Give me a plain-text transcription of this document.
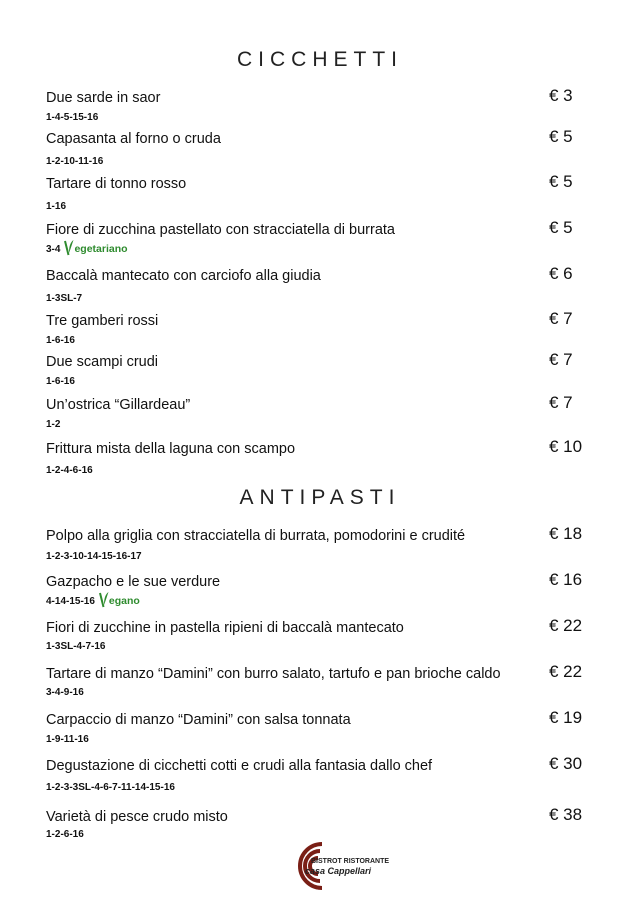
CICCHETTI
Due sarde in saor
1-4-5-15-16
€ 3
Capasanta al forno o cruda
1-2-10-11-16
€ 5
Tartare di tonno rosso
1-16
€ 5
Fiore di zucchina pastellato con stracciatella di burrata
3-4 egetariano
€ 5
Baccalà mantecato con carciofo alla giudia
1-3SL-7
€ 6
Tre gamberi rossi
1-6-16
€ 7
Due scampi crudi
1-6-16
€ 7
Un’ostrica “Gillardeau”
1-2
€ 7
Frittura mista della laguna con scampo
1-2-4-6-16
€ 10
ANTIPASTI
Polpo alla griglia con stracciatella di burrata, pomodorini e crudité
1-2-3-10-14-15-16-17
€ 18
Gazpacho e le sue verdure
4-14-15-16 egano
€ 16
Fiori di zucchine in pastella ripieni di baccalà mantecato
1-3SL-4-7-16
€ 22
Tartare di manzo “Damini” con burro salato, tartufo e pan brioche caldo
3-4-9-16
€ 22
Carpaccio di manzo “Damini” con salsa tonnata
1-9-11-16
€ 19
Degustazione di cicchetti cotti e crudi alla fantasia dallo chef
1-2-3-3SL-4-6-7-11-14-15-16
€ 30
Varietà di pesce crudo misto
1-2-6-16
€ 38
BISTROT RISTORANTE
casa Cappellari
